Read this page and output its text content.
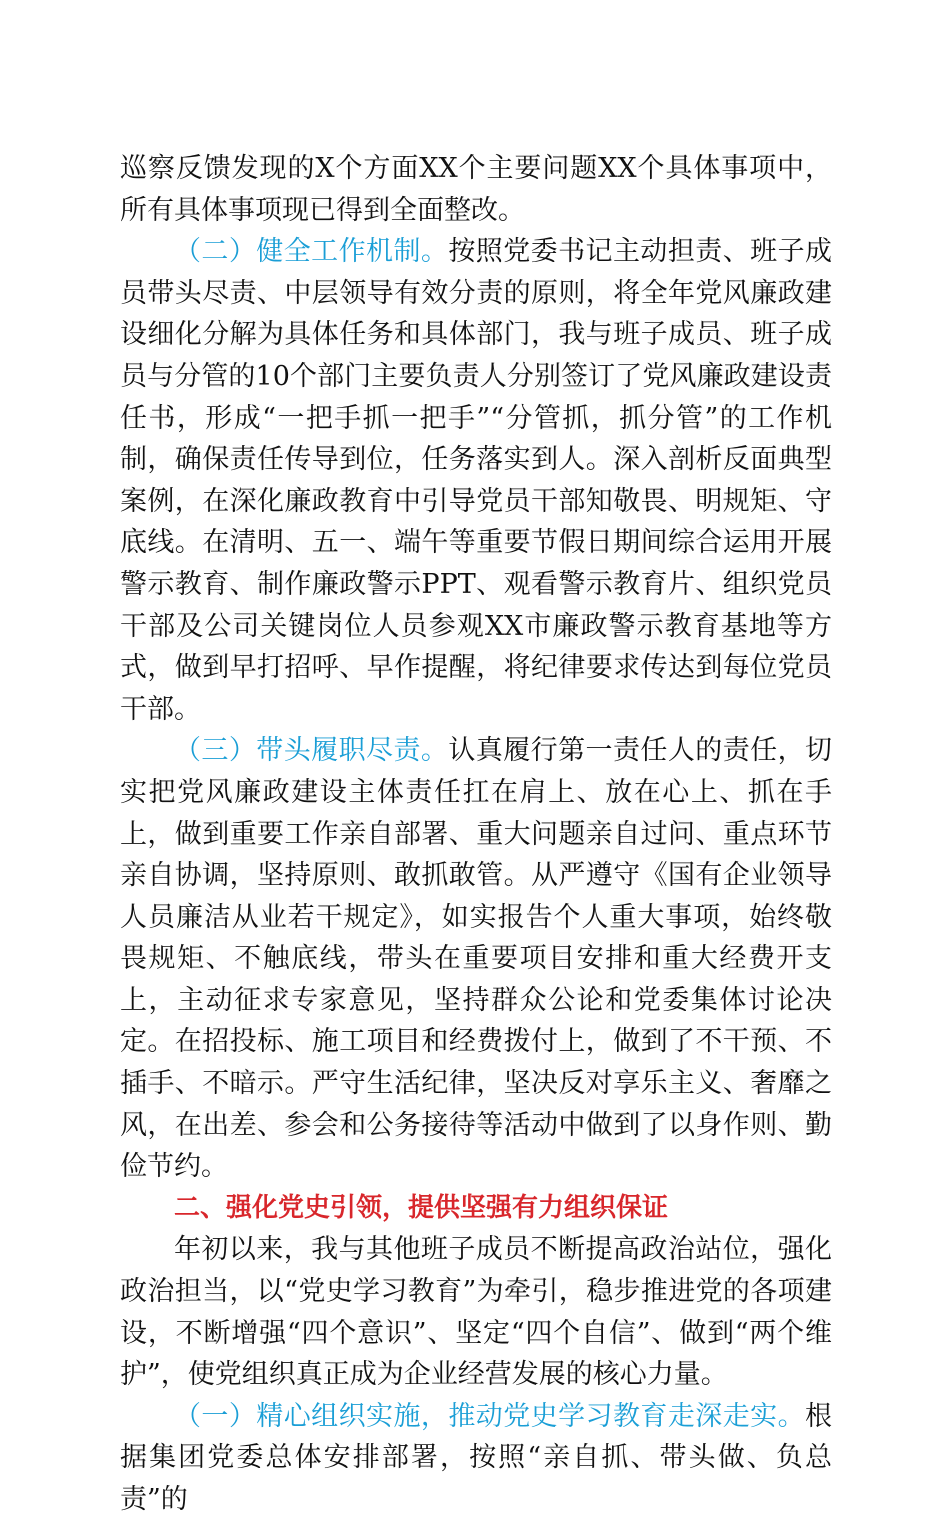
巡察反馈发现的X个方面XX个主要问题XX个具体事项中，所有具体事项现已得到全面整改。

（二）健全工作机制。按照党委书记主动担责、班子成员带头尽责、中层领导有效分责的原则，将全年党风廉政建设细化分解为具体任务和具体部门，我与班子成员、班子成员与分管的10个部门主要负责人分别签订了党风廉政建设责任书，形成“一把手抓一把手”“分管抓，抓分管”的工作机制，确保责任传导到位，任务落实到人。深入剖析反面典型案例，在深化廉政教育中引导党员干部知敬畏、明规矩、守底线。在清明、五一、端午等重要节假日期间综合运用开展警示教育、制作廉政警示PPT、观看警示教育片、组织党员干部及公司关键岗位人员参观XX市廉政警示教育基地等方式，做到早打招呼、早作提醒，将纪律要求传达到每位党员干部。

（三）带头履职尽责。认真履行第一责任人的责任，切实把党风廉政建设主体责任扛在肩上、放在心上、抓在手上，做到重要工作亲自部署、重大问题亲自过问、重点环节亲自协调，坚持原则、敢抓敢管。从严遵守《国有企业领导人员廉洁从业若干规定》，如实报告个人重大事项，始终敬畏规矩、不触底线，带头在重要项目安排和重大经费开支上，主动征求专家意见，坚持群众公论和党委集体讨论决定。在招投标、施工项目和经费拨付上，做到了不干预、不插手、不暗示。严守生活纪律，坚决反对享乐主义、奢靡之风，在出差、参会和公务接待等活动中做到了以身作则、勤俭节约。

二、强化党史引领，提供坚强有力组织保证

年初以来，我与其他班子成员不断提高政治站位，强化政治担当，以“党史学习教育”为牵引，稳步推进党的各项建设，不断增强“四个意识”、坚定“四个自信”、做到“两个维护”，使党组织真正成为企业经营发展的核心力量。

（一）精心组织实施，推动党史学习教育走深走实。根据集团党委总体安排部署，按照“亲自抓、带头做、负总责”的
